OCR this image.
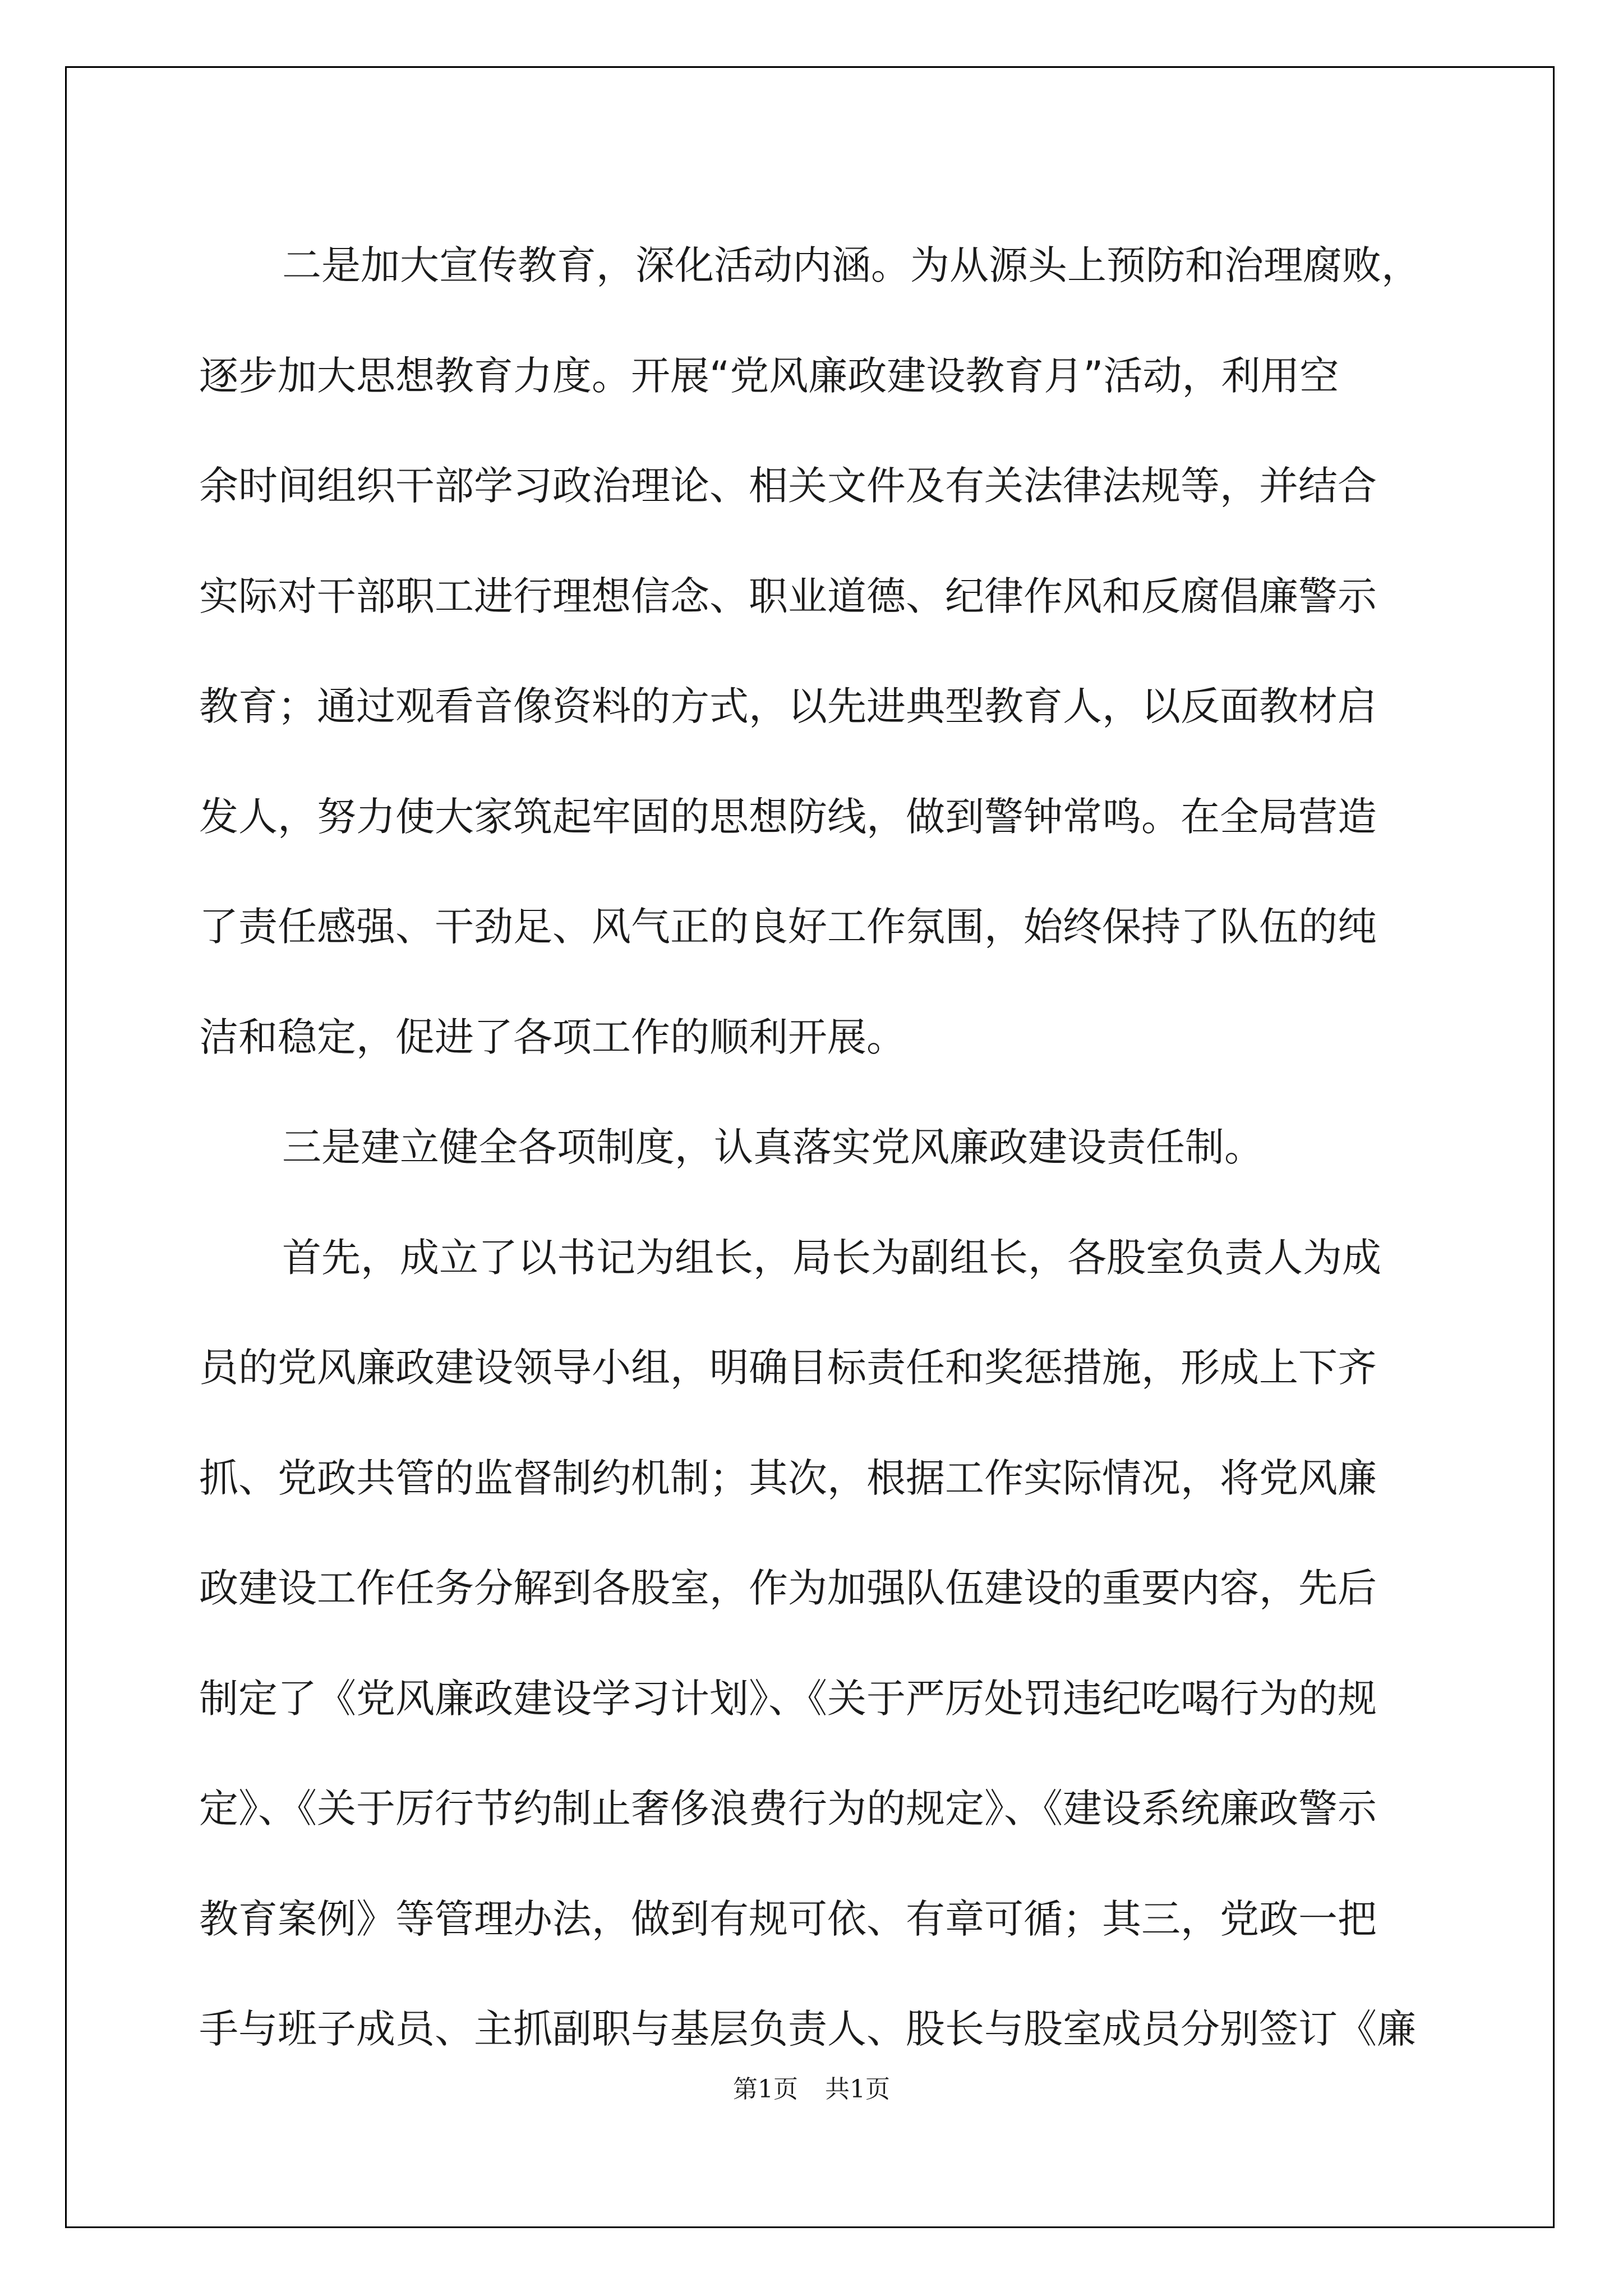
二是加大宣传教育，深化活动内涵。为从源头上预防和治理腐败，
逐步加大思想教育力度。开展“党风廉政建设教育月”活动，利用空
余时间组织干部学习政治理论、相关文件及有关法律法规等，并结合
实际对干部职工进行理想信念、职业道德、纪律作风和反腐倡廉警示
教育；通过观看音像资料的方式，以先进典型教育人，以反面教材启
发人，努力使大家筑起牢固的思想防线，做到警钟常鸣。在全局营造
了责任感强、干劲足、风气正的良好工作氛围，始终保持了队伍的纯
洁和稳定，促进了各项工作的顺利开展。
三是建立健全各项制度，认真落实党风廉政建设责任制。
首先，成立了以书记为组长，局长为副组长，各股室负责人为成
员的党风廉政建设领导小组，明确目标责任和奖惩措施，形成上下齐
抓、党政共管的监督制约机制；其次，根据工作实际情况，将党风廉
政建设工作任务分解到各股室，作为加强队伍建设的重要内容，先后
制定了《党风廉政建设学习计划》、《关于严厉处罚违纪吃喝行为的规
定》、《关于厉行节约制止奢侈浪费行为的规定》、《建设系统廉政警示
教育案例》等管理办法，做到有规可依、有章可循；其三，党政一把
手与班子成员、主抓副职与基层负责人、股长与股室成员分别签订《廉
第1页 共1页
